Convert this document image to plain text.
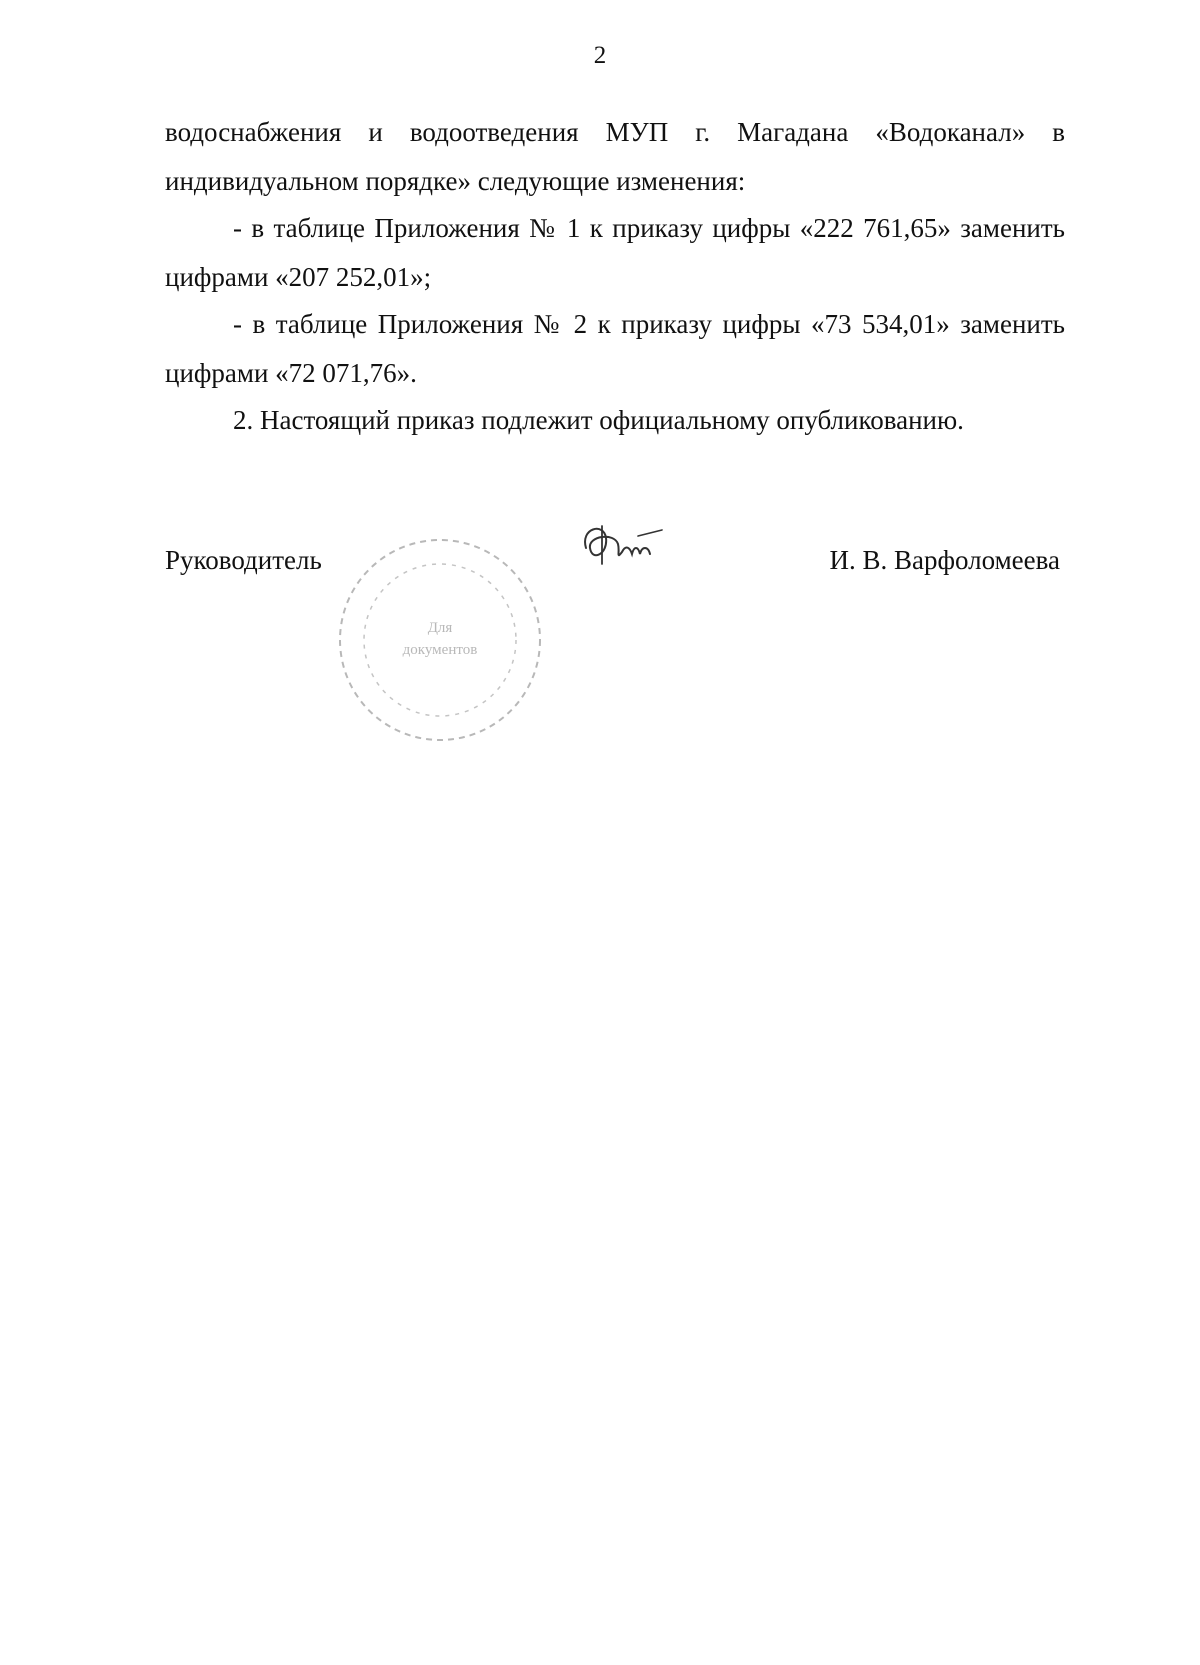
2
водоснабжения и водоотведения МУП г. Магадана «Водоканал» в
индивидуальном порядке» следующие изменения:
- в таблице Приложения № 1 к приказу цифры «222 761,65» заменить
цифрами «207 252,01»;
- в таблице Приложения № 2 к приказу цифры «73 534,01» заменить
цифрами «72 071,76».
2. Настоящий приказ подлежит официальному опубликованию.
Руководитель	И. В. Варфоломеева
Для
документов
